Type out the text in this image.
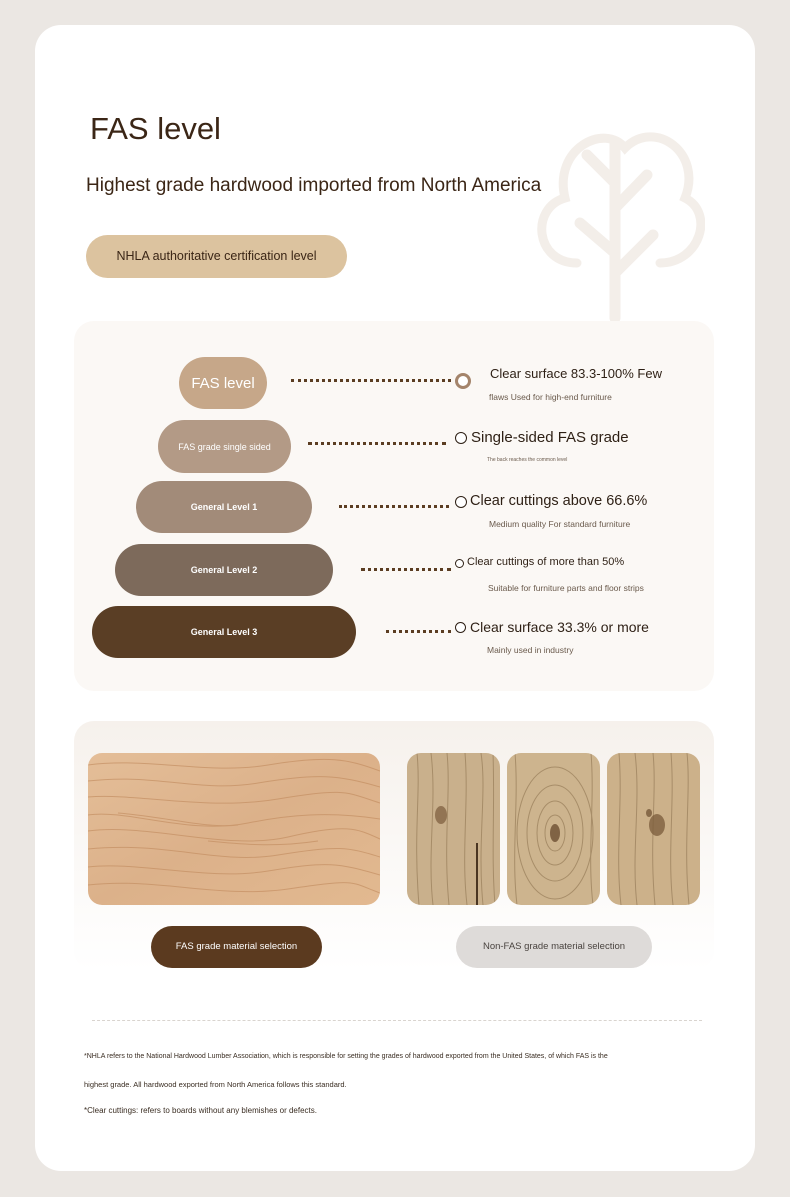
FAS level

Highest grade hardwood imported from North America

NHLA authoritative certification level
FAS level
Clear surface 83.3-100% Few
flaws Used for high-end furniture
FAS grade single sided
Single-sided FAS grade
The back reaches the common level
General Level 1	Clear cuttings above 66.6%
Medium quality For standard furniture
General Level 2
Clear cuttings of more than 50%
Suitable for furniture parts and floor strips
General Level 3	Clear surface 33.3% or more
Mainly used in industry
FAS grade material selection	Non-FAS grade material selection
*NHLA refers to the National Hardwood Lumber Association, which is responsible for setting the grades of hardwood exported from the United States, of which FAS is the
highest grade. All hardwood exported from North America follows this standard.
*Clear cuttings: refers to boards without any blemishes or defects.
